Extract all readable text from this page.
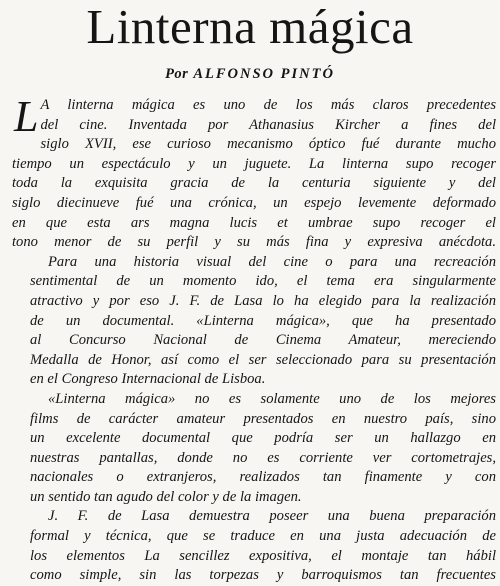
Linterna mágica
Por ALFONSO PINTÓ
L A linterna mágica es uno de los más claros precedentes
del cine. Inventada por Athanasius Kircher a fines del
siglo XVII, ese curioso mecanismo óptico fué durante mucho
tiempo un espectáculo y un juguete. La linterna supo recoger
toda la exquisita gracia de la centuria siguiente y del
siglo diecinueve fué una crónica, un espejo levemente deformado
en que esta ars magna lucis et umbrae supo recoger el
tono menor de su perfil y su más fina y expresiva anécdota.
Para una historia visual del cine o para una recreación
sentimental de un momento ido, el tema era singularmente
atractivo y por eso J. F. de Lasa lo ha elegido para la realización
de un documental. «Linterna mágica», que ha presentado
al Concurso Nacional de Cinema Amateur, mereciendo
Medalla de Honor, así como el ser seleccionado para su presentación
en el Congreso Internacional de Lisboa.
«Linterna mágica» no es solamente uno de los mejores
films de carácter amateur presentados en nuestro país, sino
un excelente documental que podría ser un hallazgo en
nuestras pantallas, donde no es corriente ver cortometrajes,
nacionales o extranjeros, realizados tan finamente y con
un sentido tan agudo del color y de la imagen.
J. F. de Lasa demuestra poseer una buena preparación
formal y técnica, que se traduce en una justa adecuación de
los elementos La sencillez expositiva, el montaje tan hábil
como simple, sin las torpezas y barroquismos tan frecuentes
